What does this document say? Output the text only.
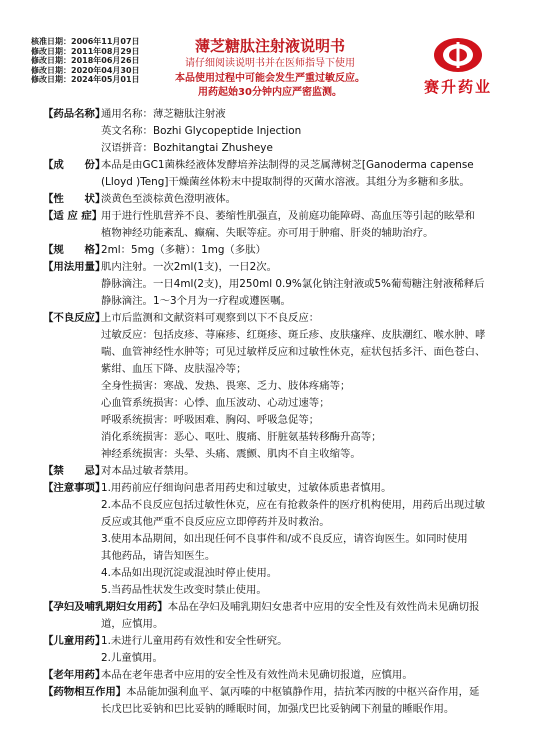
核准日期：2006年11月07日
修改日期：2011年08月29日
修改日期：2018年06月26日
修改日期：2020年04月30日
修改日期：2024年05月01日
薄芝糖肽注射液说明书
请仔细阅读说明书并在医师指导下使用
本品使用过程中可能会发生严重过敏反应。
用药起始30分钟内应严密监测。	赛升药业
【药品名称】
通用名称：薄芝糖肽注射液
英文名称：Bozhi Glycopeptide Injection
汉语拼音：Bozhitangtai Zhusheye
【成　　份】
本品是由GC1菌株经液体发酵培养法制得的灵芝属薄树芝[Ganoderma capense
(Lloyd )Teng]干燥菌丝体粉末中提取制得的灭菌水溶液。其组分为多糖和多肽。
【性　　状】
淡黄色至淡棕黄色澄明液体。
【适 应 症】
用于进行性肌营养不良、萎缩性肌强直，及前庭功能障碍、高血压等引起的眩晕和
植物神经功能紊乱、癫痫、失眠等症。亦可用于肿瘤、肝炎的辅助治疗。
【规　　格】
2ml：5mg（多糖）：1mg（多肽）
【用法用量】
肌内注射。一次2ml(1支)，一日2次。
静脉滴注。一日4ml(2支)，用250ml 0.9%氯化钠注射液或5%葡萄糖注射液稀释后
静脉滴注。1～3个月为一疗程或遵医嘱。
【不良反应】
上市后监测和文献资料可观察到以下不良反应：
过敏反应：包括皮疹、荨麻疹、红斑疹、斑丘疹、皮肤瘙痒、皮肤潮红、喉水肿、哮
喘、血管神经性水肿等；可见过敏样反应和过敏性休克，症状包括多汗、面色苍白、
紫绀、血压下降、皮肤湿冷等；
全身性损害：寒战、发热、畏寒、乏力、肢体疼痛等；
心血管系统损害：心悸、血压波动、心动过速等；
呼吸系统损害：呼吸困难、胸闷、呼吸急促等；
消化系统损害：恶心、呕吐、腹痛、肝脏氨基转移酶升高等；
神经系统损害：头晕、头痛、震颤、肌肉不自主收缩等。
【禁　　忌】
对本品过敏者禁用。
【注意事项】
1.用药前应仔细询问患者用药史和过敏史，过敏体质患者慎用。
2.本品不良反应包括过敏性休克，应在有抢救条件的医疗机构使用，用药后出现过敏
反应或其他严重不良反应应立即停药并及时救治。
3.使用本品期间，如出现任何不良事件和/或不良反应，请咨询医生。如同时使用
其他药品，请告知医生。
4.本品如出现沉淀或混浊时停止使用。
5.当药品性状发生改变时禁止使用。
【孕妇及哺乳期妇女用药】本品在孕妇及哺乳期妇女患者中应用的安全性及有效性尚未见确切报
道，应慎用。
【儿童用药】
1.未进行儿童用药有效性和安全性研究。
2.儿童慎用。
【老年用药】
本品在老年患者中应用的安全性及有效性尚未见确切报道，应慎用。
【药物相互作用】本品能加强利血平、氯丙嗪的中枢镇静作用，拮抗苯丙胺的中枢兴奋作用，延
长戊巴比妥钠和巴比妥钠的睡眠时间，加强戊巴比妥钠阈下剂量的睡眠作用。
